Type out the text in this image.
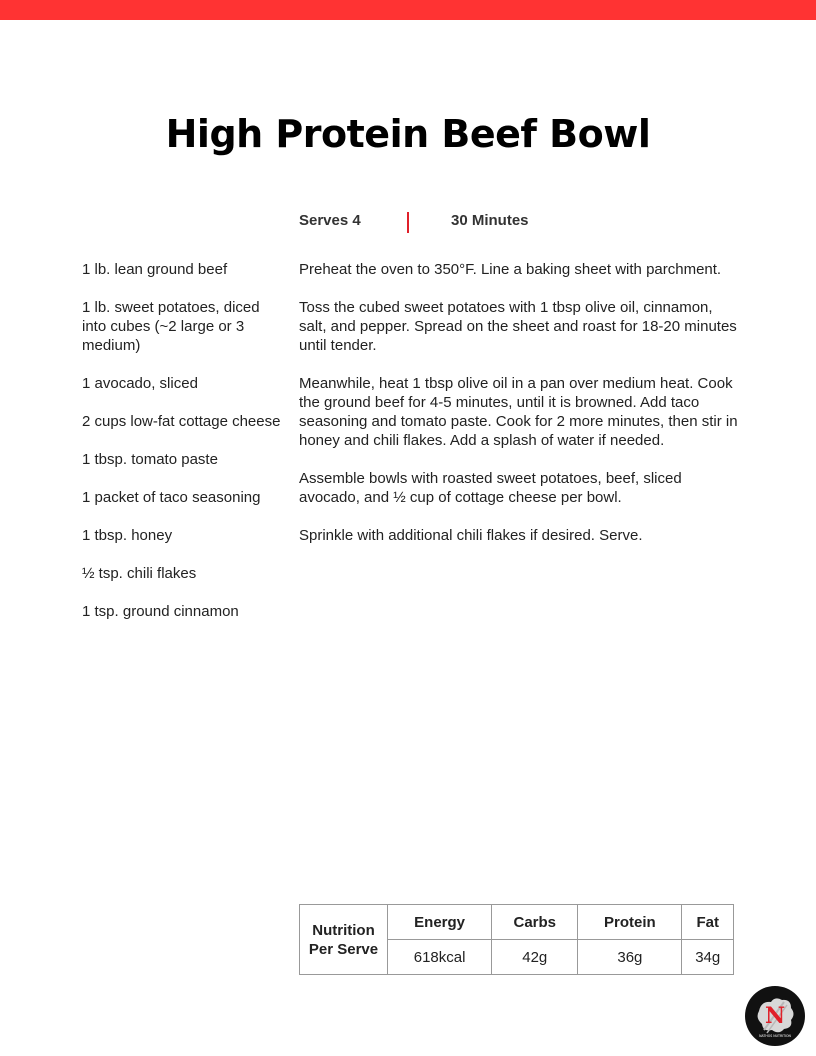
High Protein Beef Bowl
Serves 4	30 Minutes
1 lb. lean ground beef
1 lb. sweet potatoes, diced into cubes (~2 large or 3 medium)
1 avocado, sliced
2 cups low-fat cottage cheese
1 tbsp. tomato paste
1 packet of taco seasoning
1 tbsp. honey
½ tsp. chili flakes
1 tsp. ground cinnamon

Preheat the oven to 350°F. Line a baking sheet with parchment.

Toss the cubed sweet potatoes with 1 tbsp olive oil, cinnamon, salt, and pepper. Spread on the sheet and roast for 18-20 minutes until tender.

Meanwhile, heat 1 tbsp olive oil in a pan over medium heat. Cook the ground beef for 4-5 minutes, until it is browned. Add taco seasoning and tomato paste. Cook for 2 more minutes, then stir in honey and chili flakes. Add a splash of water if needed.

Assemble bowls with roasted sweet potatoes, beef, sliced avocado, and ½ cup of cottage cheese per bowl.

Sprinkle with additional chili flakes if desired. Serve.

Nutrition
Per Serve	Energy	Carbs	Protein	Fat
	618kcal	42g	36g	34g
N
NATHOS NUTRITION
